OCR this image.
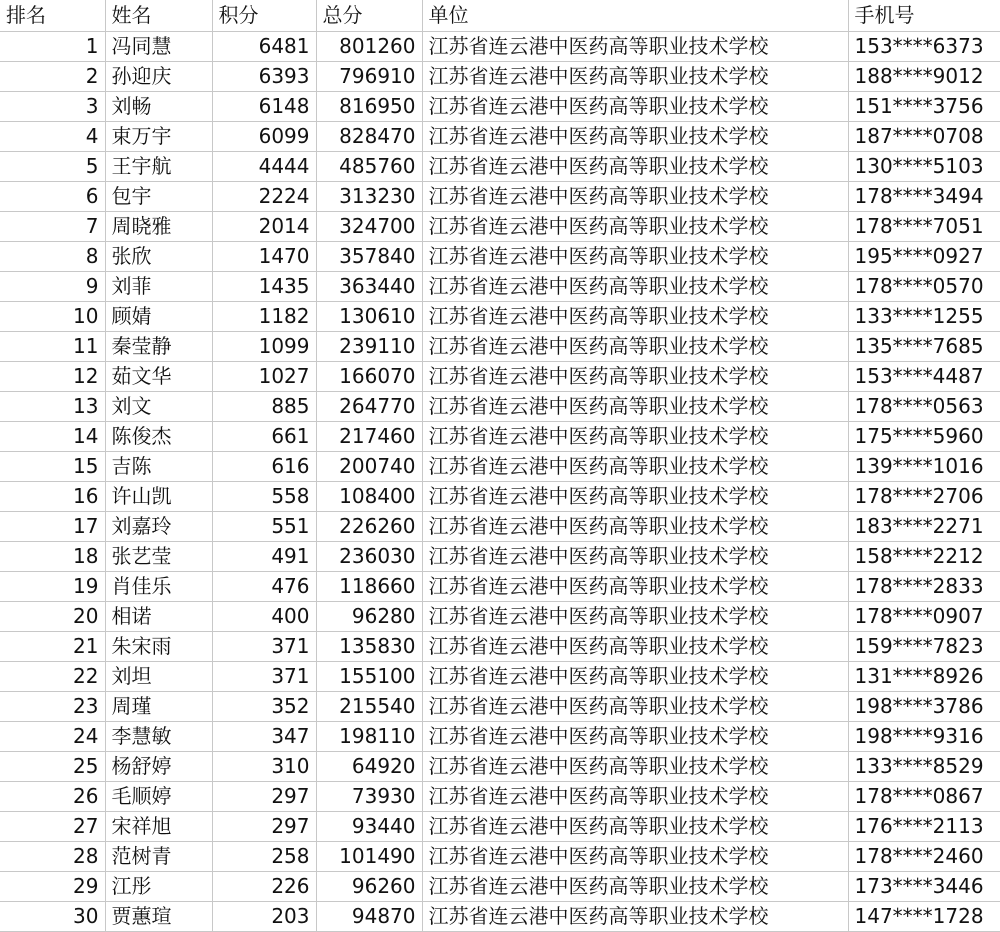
排名	姓名	积分	总分	单位	手机号
1	冯同慧	6481	801260	江苏省连云港中医药高等职业技术学校	153****6373
2	孙迎庆	6393	796910	江苏省连云港中医药高等职业技术学校	188****9012
3	刘畅	6148	816950	江苏省连云港中医药高等职业技术学校	151****3756
4	束万宇	6099	828470	江苏省连云港中医药高等职业技术学校	187****0708
5	王宇航	4444	485760	江苏省连云港中医药高等职业技术学校	130****5103
6	包宇	2224	313230	江苏省连云港中医药高等职业技术学校	178****3494
7	周晓雅	2014	324700	江苏省连云港中医药高等职业技术学校	178****7051
8	张欣	1470	357840	江苏省连云港中医药高等职业技术学校	195****0927
9	刘菲	1435	363440	江苏省连云港中医药高等职业技术学校	178****0570
10	顾婧	1182	130610	江苏省连云港中医药高等职业技术学校	133****1255
11	秦莹静	1099	239110	江苏省连云港中医药高等职业技术学校	135****7685
12	茹文华	1027	166070	江苏省连云港中医药高等职业技术学校	153****4487
13	刘文	885	264770	江苏省连云港中医药高等职业技术学校	178****0563
14	陈俊杰	661	217460	江苏省连云港中医药高等职业技术学校	175****5960
15	吉陈	616	200740	江苏省连云港中医药高等职业技术学校	139****1016
16	许山凯	558	108400	江苏省连云港中医药高等职业技术学校	178****2706
17	刘嘉玲	551	226260	江苏省连云港中医药高等职业技术学校	183****2271
18	张艺莹	491	236030	江苏省连云港中医药高等职业技术学校	158****2212
19	肖佳乐	476	118660	江苏省连云港中医药高等职业技术学校	178****2833
20	相诺	400	96280	江苏省连云港中医药高等职业技术学校	178****0907
21	朱宋雨	371	135830	江苏省连云港中医药高等职业技术学校	159****7823
22	刘坦	371	155100	江苏省连云港中医药高等职业技术学校	131****8926
23	周瑾	352	215540	江苏省连云港中医药高等职业技术学校	198****3786
24	李慧敏	347	198110	江苏省连云港中医药高等职业技术学校	198****9316
25	杨舒婷	310	64920	江苏省连云港中医药高等职业技术学校	133****8529
26	毛顺婷	297	73930	江苏省连云港中医药高等职业技术学校	178****0867
27	宋祥旭	297	93440	江苏省连云港中医药高等职业技术学校	176****2113
28	范树青	258	101490	江苏省连云港中医药高等职业技术学校	178****2460
29	江彤	226	96260	江苏省连云港中医药高等职业技术学校	173****3446
30	贾蕙瑄	203	94870	江苏省连云港中医药高等职业技术学校	147****1728
